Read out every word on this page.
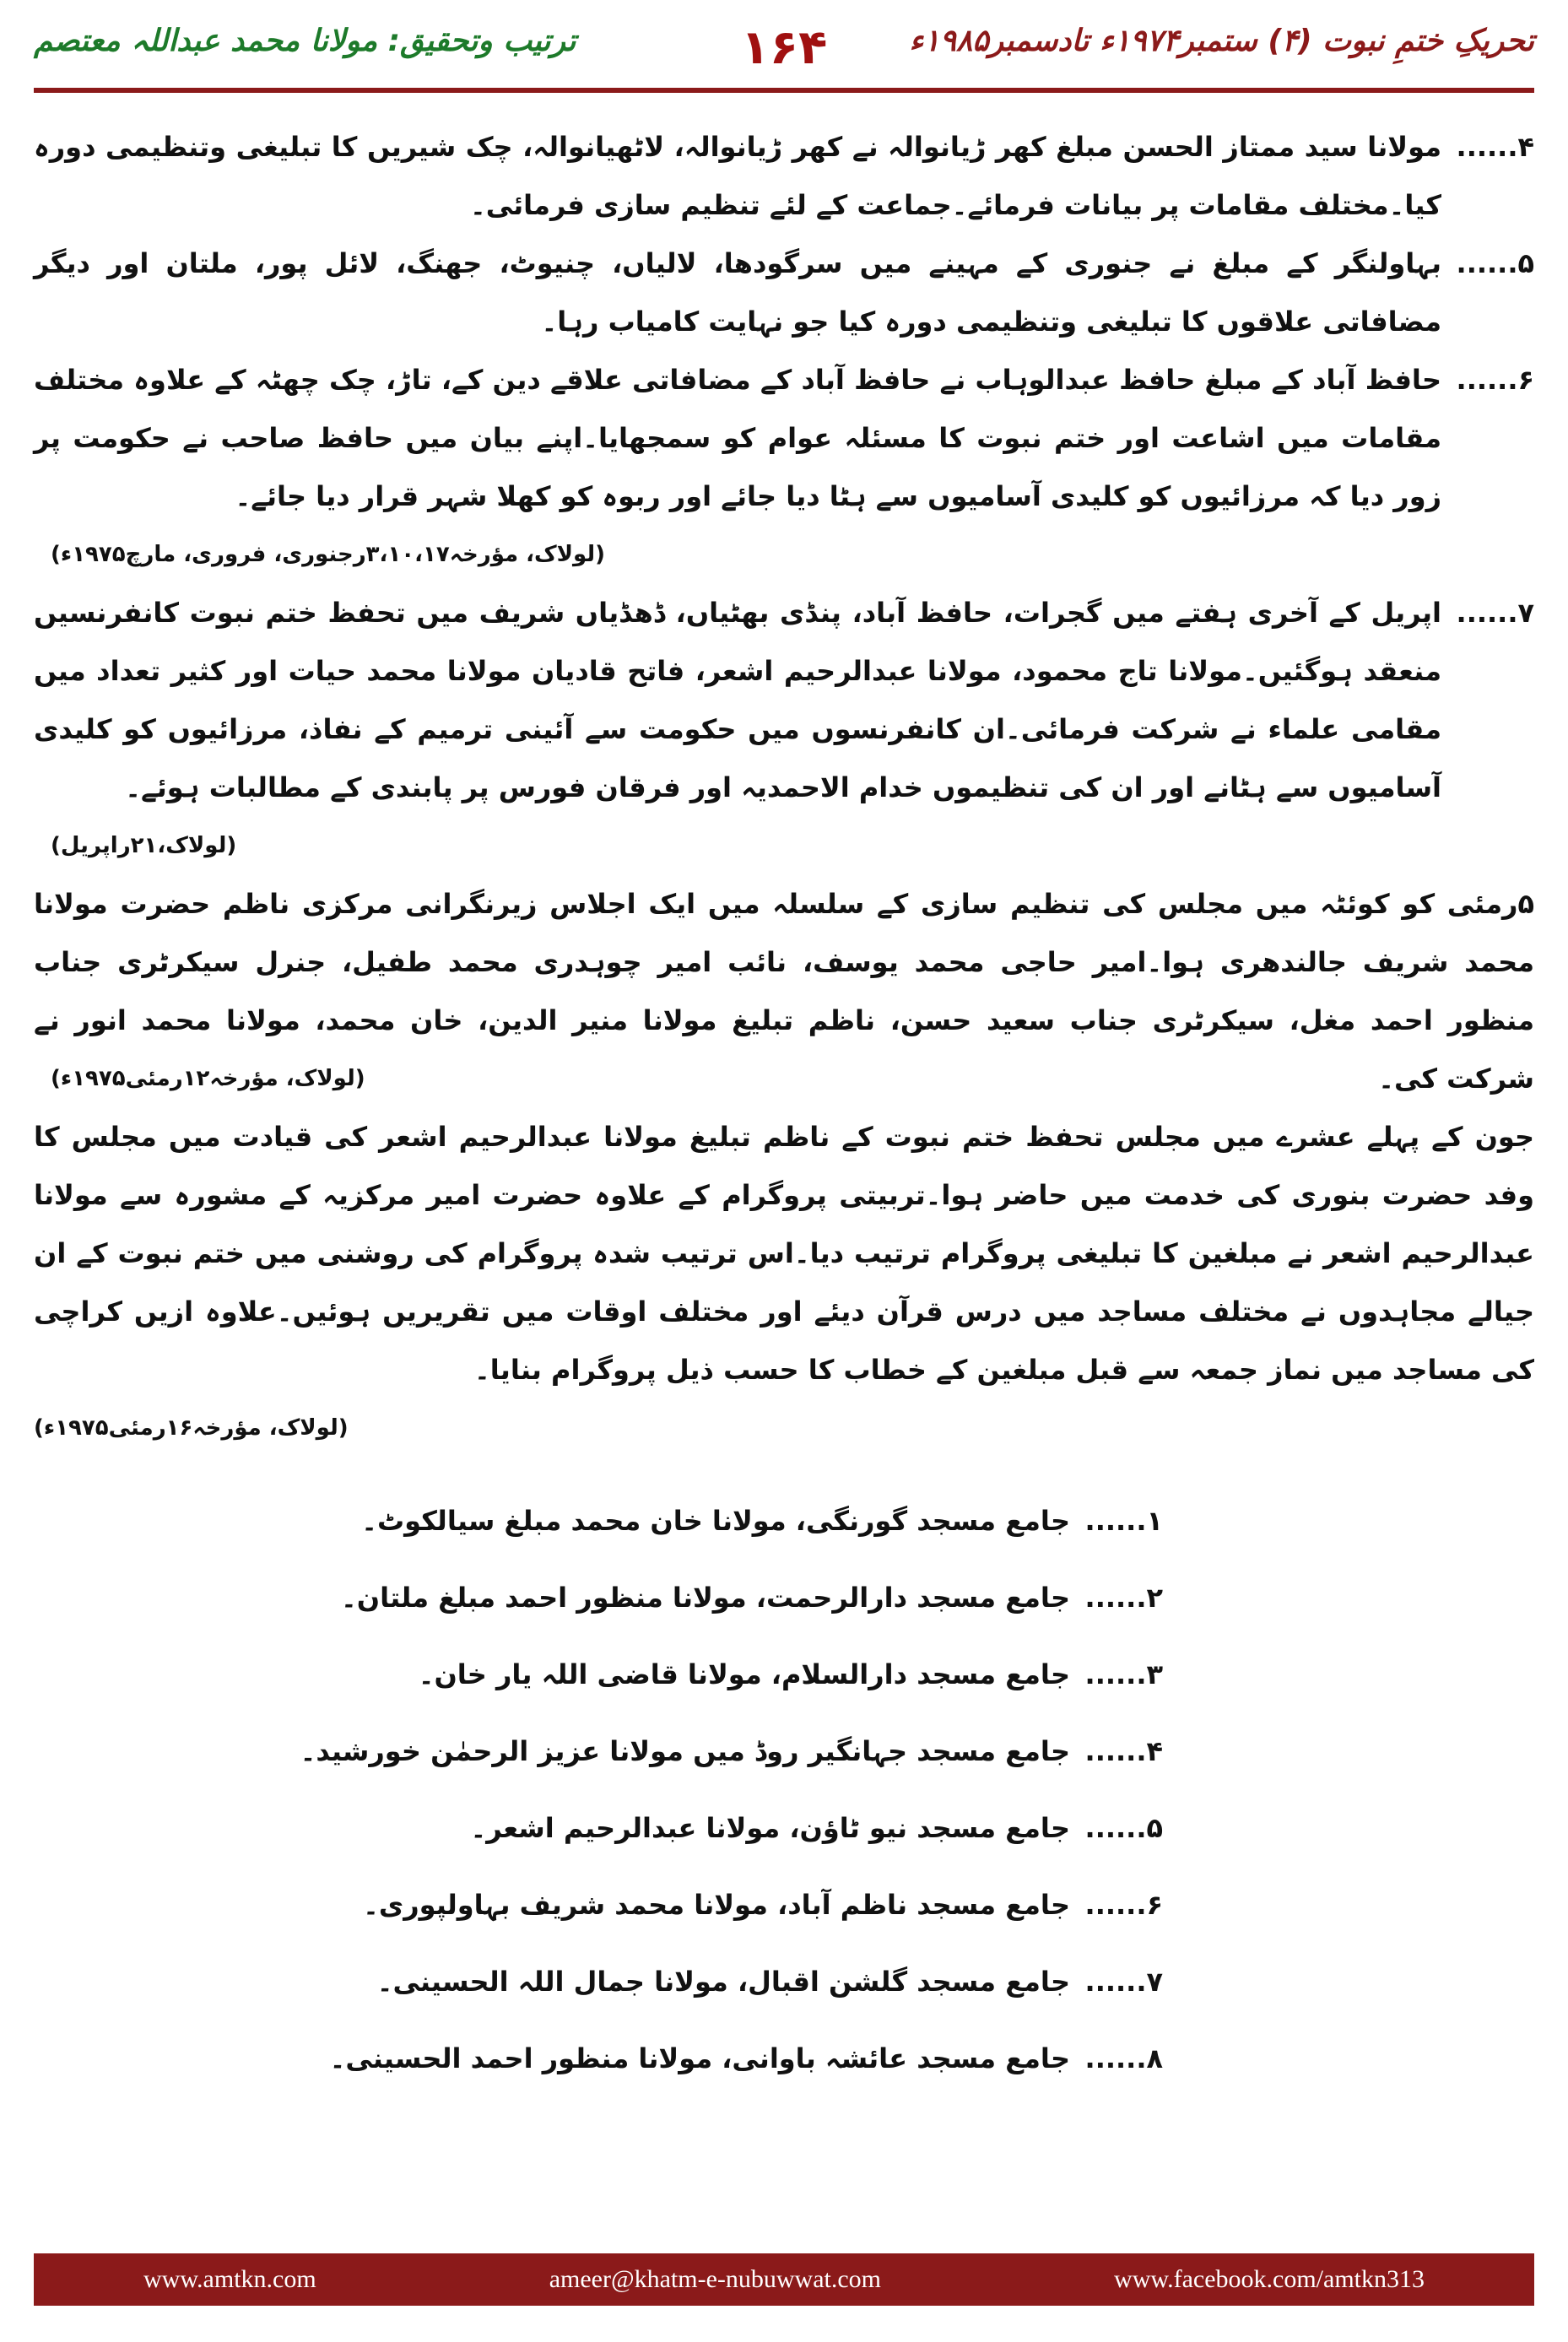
تحریکِ ختمِ نبوت (۴) ستمبر۱۹۷۴ء تادسمبر۱۹۸۵ء
۱۶۴
ترتیب وتحقیق: مولانا محمد عبداللہ معتصم
۴......
مولانا سید ممتاز الحسن مبلغ کھر ڑیانوالہ نے کھر ڑیانوالہ، لاٹھیانوالہ، چک شیریں کا تبلیغی وتنظیمی دورہ کیا۔مختلف مقامات پر بیانات فرمائے۔جماعت کے لئے تنظیم سازی فرمائی۔
۵......
بہاولنگر کے مبلغ نے جنوری کے مہینے میں سرگودھا، لالیاں، چنیوٹ، جھنگ، لائل پور، ملتان اور دیگر مضافاتی علاقوں کا تبلیغی وتنظیمی دورہ کیا جو نہایت کامیاب رہا۔
۶......
حافظ آباد کے مبلغ حافظ عبدالوہاب نے حافظ آباد کے مضافاتی علاقے دین کے، تاڑ، چک چھٹہ کے علاوہ مختلف مقامات میں اشاعت اور ختم نبوت کا مسئلہ عوام کو سمجھایا۔اپنے بیان میں حافظ صاحب نے حکومت پر زور دیا کہ مرزائیوں کو کلیدی آسامیوں سے ہٹا دیا جائے اور ربوہ کو کھلا شہر قرار دیا جائے۔
(لولاک، مؤرخہ۳،۱۰،۱۷رجنوری، فروری، مارچ۱۹۷۵ء)
۷......
اپریل کے آخری ہفتے میں گجرات، حافظ آباد، پنڈی بھٹیاں، ڈھڈیاں شریف میں تحفظ ختم نبوت کانفرنسیں منعقد ہوگئیں۔مولانا تاج محمود، مولانا عبدالرحیم اشعر، فاتح قادیان مولانا محمد حیات اور کثیر تعداد میں مقامی علماء نے شرکت فرمائی۔ان کانفرنسوں میں حکومت سے آئینی ترمیم کے نفاذ، مرزائیوں کو کلیدی آسامیوں سے ہٹانے اور ان کی تنظیموں خدام الاحمدیہ اور فرقان فورس پر پابندی کے مطالبات ہوئے۔
(لولاک،۲۱راپریل)
۵رمئی کو کوئٹہ میں مجلس کی تنظیم سازی کے سلسلہ میں ایک اجلاس زیرنگرانی مرکزی ناظم حضرت مولانا محمد شریف جالندھری ہوا۔امیر حاجی محمد یوسف، نائب امیر چوہدری محمد طفیل، جنرل سیکرٹری جناب منظور احمد مغل، سیکرٹری جناب سعید حسن، ناظم تبلیغ مولانا منیر الدین، خان محمد، مولانا محمد انور نے شرکت کی۔
(لولاک، مؤرخہ۱۲رمئی۱۹۷۵ء)
جون کے پہلے عشرے میں مجلس تحفظ ختم نبوت کے ناظم تبلیغ مولانا عبدالرحیم اشعر کی قیادت میں مجلس کا وفد حضرت بنوری کی خدمت میں حاضر ہوا۔تربیتی پروگرام کے علاوہ حضرت امیر مرکزیہ کے مشورہ سے مولانا عبدالرحیم اشعر نے مبلغین کا تبلیغی پروگرام ترتیب دیا۔اس ترتیب شدہ پروگرام کی روشنی میں ختم نبوت کے ان جیالے مجاہدوں نے مختلف مساجد میں درس قرآن دیئے اور مختلف اوقات میں تقریریں ہوئیں۔علاوہ ازیں کراچی کی مساجد میں نماز جمعہ سے قبل مبلغین کے خطاب کا حسب ذیل پروگرام بنایا۔
(لولاک، مؤرخہ۱۶رمئی۱۹۷۵ء)
۱......
جامع مسجد گورنگی، مولانا خان محمد مبلغ سیالکوٹ۔
۲......
جامع مسجد دارالرحمت، مولانا منظور احمد مبلغ ملتان۔
۳......
جامع مسجد دارالسلام، مولانا قاضی اللہ یار خان۔
۴......
جامع مسجد جہانگیر روڈ میں مولانا عزیز الرحمٰن خورشید۔
۵......
جامع مسجد نیو ٹاؤن، مولانا عبدالرحیم اشعر۔
۶......
جامع مسجد ناظم آباد، مولانا محمد شریف بہاولپوری۔
۷......
جامع مسجد گلشن اقبال، مولانا جمال اللہ الحسینی۔
۸......
جامع مسجد عائشہ باوانی، مولانا منظور احمد الحسینی۔
www.amtkn.com	ameer@khatm-e-nubuwwat.com	www.facebook.com/amtkn313
